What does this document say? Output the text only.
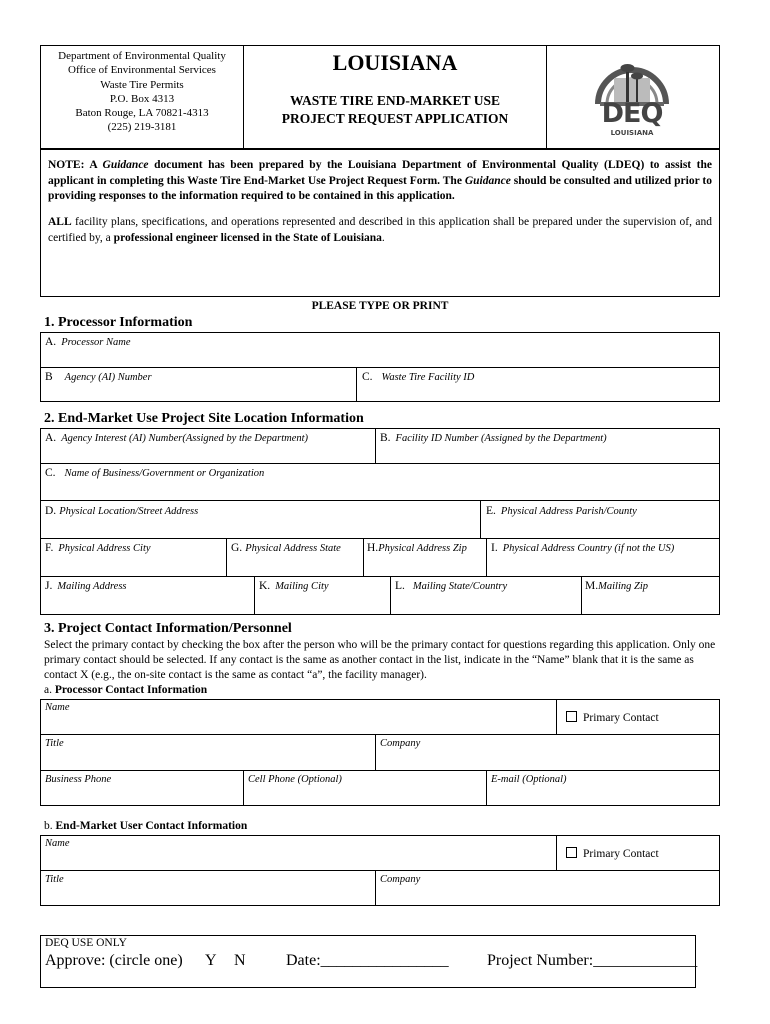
Department of Environmental Quality
Office of Environmental Services
Waste Tire Permits
P.O. Box 4313
Baton Rouge, LA 70821-4313
(225) 219-3181
LOUISIANA
WASTE TIRE END-MARKET USE
PROJECT REQUEST APPLICATION	DEQ
LOUISIANA
NOTE: A Guidance document has been prepared by the Louisiana Department of Environmental Quality (LDEQ) to assist the applicant in completing this Waste Tire End-Market Use Project Request Form. The Guidance should be consulted and utilized prior to providing responses to the information required to be contained in this application.
ALL facility plans, specifications, and operations represented and described in this application shall be prepared under the supervision of, and certified by, a professional engineer licensed in the State of Louisiana.
PLEASE TYPE OR PRINT
1. Processor Information
A. Processor Name
B Agency (AI) Number	C. Waste Tire Facility ID
2. End-Market Use Project Site Location Information
A. Agency Interest (AI) Number(Assigned by the Department)	B. Facility ID Number (Assigned by the Department)
C. Name of Business/Government or Organization
D. Physical Location/Street Address	E. Physical Address Parish/County
F. Physical Address City	G. Physical Address State H.Physical Address Zip I. Physical Address Country (if not the US)
J. Mailing Address	K. Mailing City	L. Mailing State/Country	M.Mailing Zip
3. Project Contact Information/Personnel
Select the primary contact by checking the box after the person who will be the primary contact for questions regarding this application. Only one primary contact should be selected. If any contact is the same as another contact in the list, indicate in the “Name” blank that it is the same as contact X (e.g., the on-site contact is the same as contact “a”, the facility manager).
a. Processor Contact Information
Name
Primary Contact
Title	Company
Business Phone	Cell Phone (Optional)	E-mail (Optional)
b. End-Market User Contact Information
Name
Primary Contact
Title	Company
DEQ USE ONLY
Approve: (circle one) Y N	Date:________________ Project Number:_____________
